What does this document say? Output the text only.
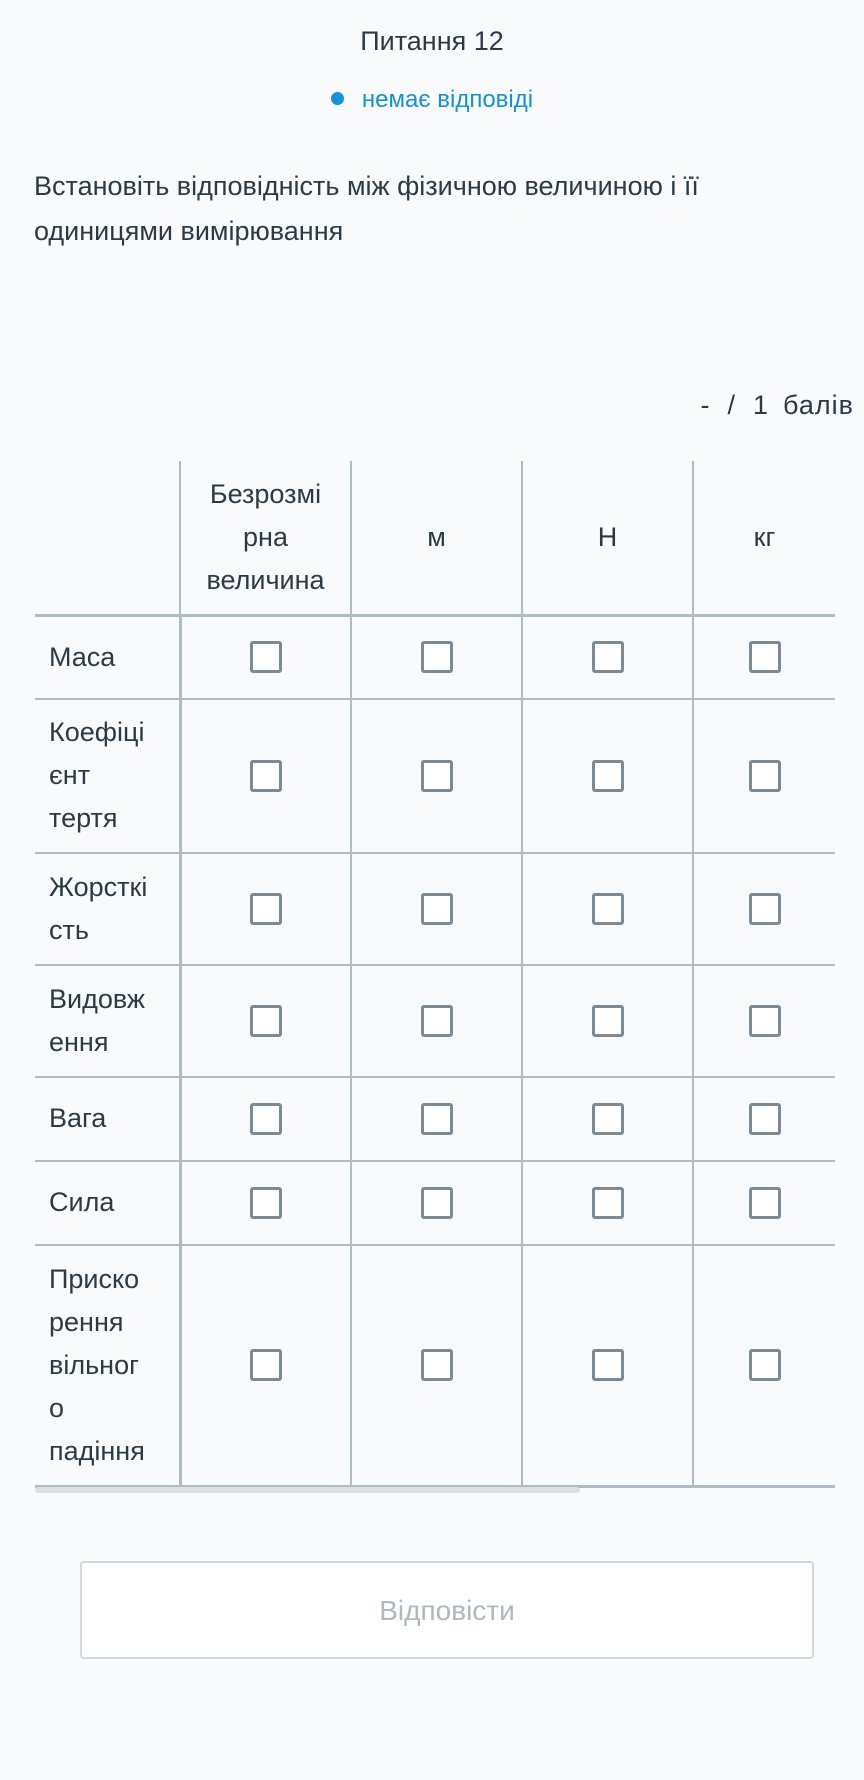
Питання 12
немає відповіді
Встановіть відповідність між фізичною величиною і її одиницями вимірювання
-  /  1 балів

	Безрозмі рна величина	м	Н	кг

Маса				

Коефіці єнт тертя				

Жорсткі сть				

Видовж ення				

Вага				

Сила				

Приско рення вільног о падіння				

Відповісти
